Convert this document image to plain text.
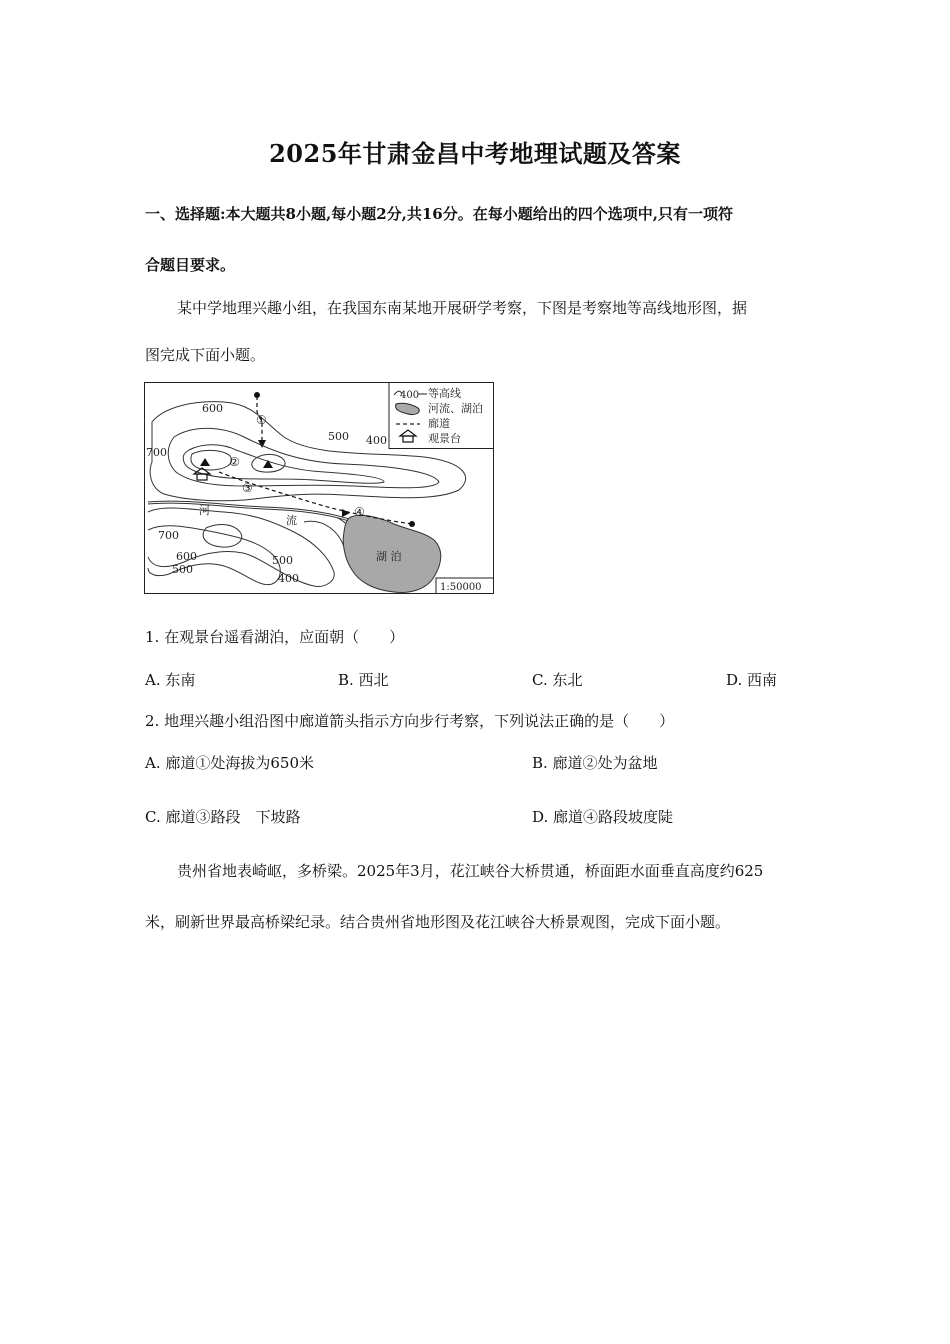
2025年甘肃金昌中考地理试题及答案
一、选择题:本大题共8小题,每小题2分,共16分。在每小题给出的四个选项中,只有一项符
合题目要求。
某中学地理兴趣小组，在我国东南某地开展研学考察，下图是考察地等高线地形图，据
图完成下面小题。
600
500 400
700
700
600
500
500
400
①
②
③
④
河
流
湖 泊
400 等高线
河流、湖泊
廊道
观景台
1:50000
1. 在观景台遥看湖泊，应面朝（　　）
A. 东南	B. 西北	C. 东北	D. 西南
2. 地理兴趣小组沿图中廊道箭头指示方向步行考察，下列说法正确的是（　　）
A. 廊道①处海拔为650米	B. 廊道②处为盆地
C. 廊道③路段　下坡路	D. 廊道④路段坡度陡
贵州省地表崎岖，多桥梁。2025年3月，花江峡谷大桥贯通，桥面距水面垂直高度约625
米，刷新世界最高桥梁纪录。结合贵州省地形图及花江峡谷大桥景观图，完成下面小题。
